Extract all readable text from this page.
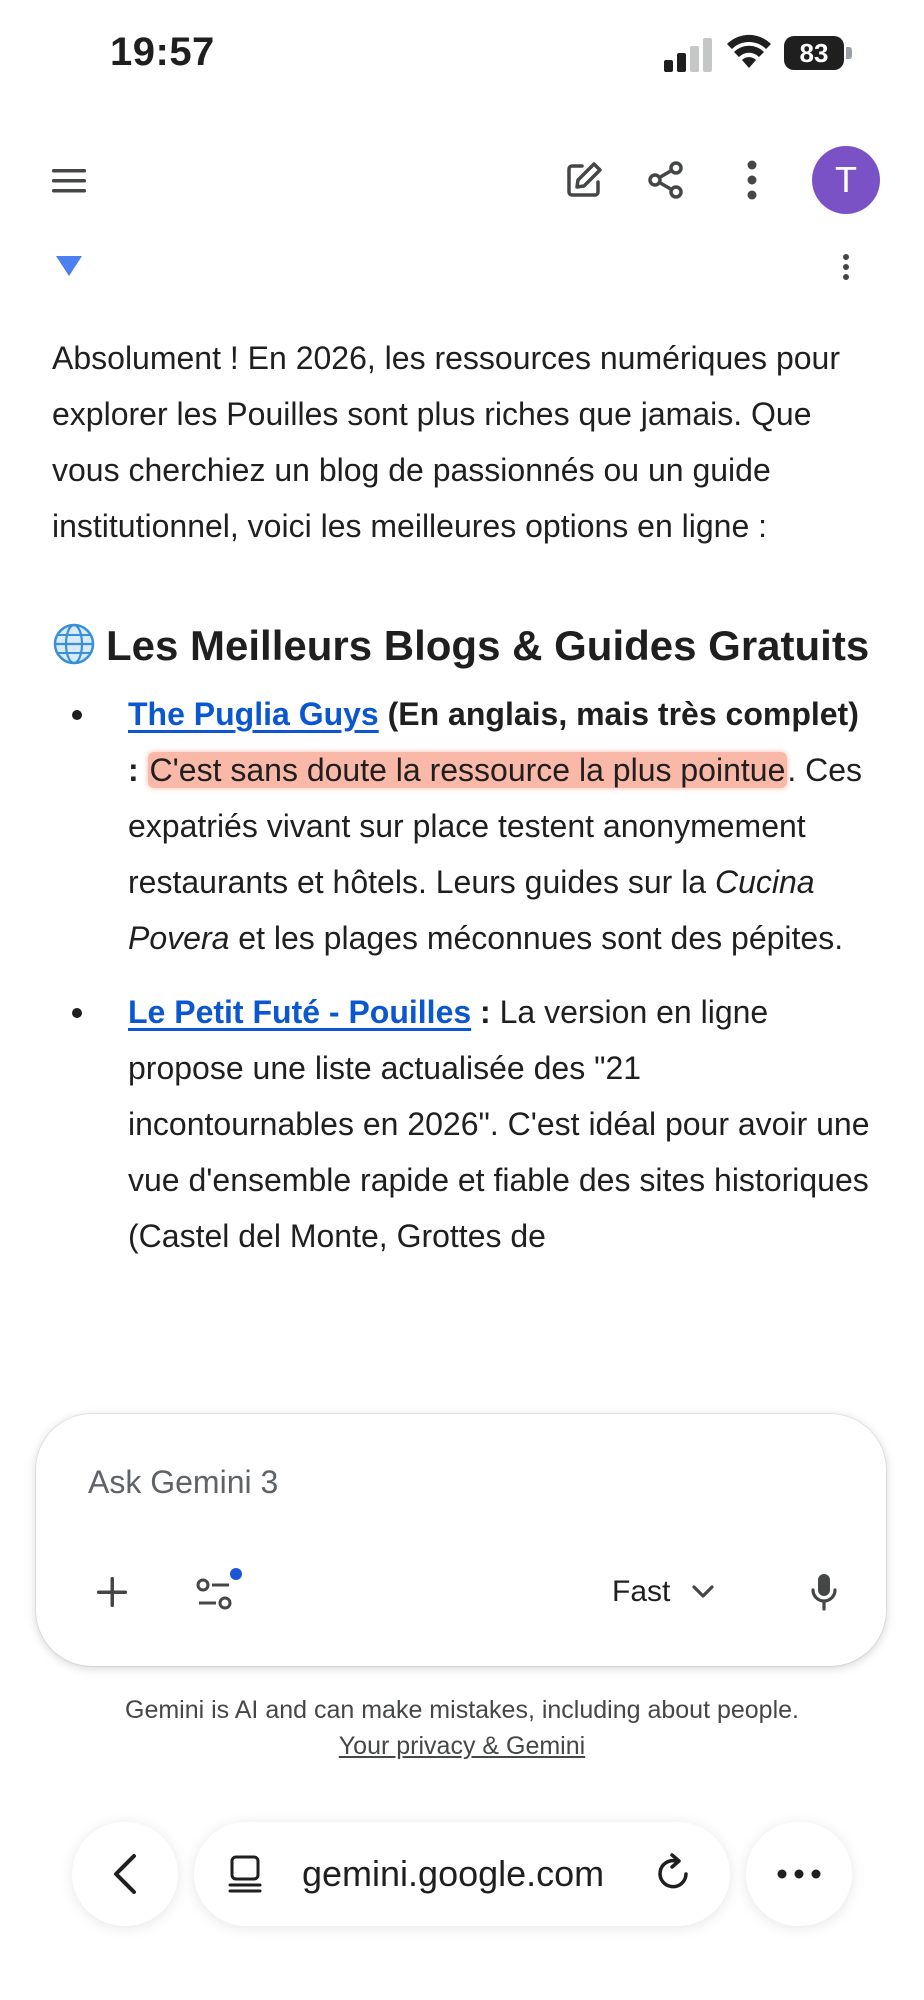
19:57	83
T

Absolument ! En 2026, les ressources numériques pour explorer les Pouilles sont plus riches que jamais. Que vous cherchiez un blog de passionnés ou un guide institutionnel, voici les meilleures options en ligne :

Les Meilleurs Blogs & Guides Gratuits
The Puglia Guys (En anglais, mais très complet) : C'est sans doute la ressource la plus pointue. Ces expatriés vivant sur place testent anonymement restaurants et hôtels. Leurs guides sur la Cucina Povera et les plages méconnues sont des pépites.
Le Petit Futé - Pouilles : La version en ligne propose une liste actualisée des "21 incontournables en 2026". C'est idéal pour avoir une vue d'ensemble rapide et fiable des sites historiques (Castel del Monte, Grottes de
Ask Gemini 3
Fast
Gemini is AI and can make mistakes, including about people.
Your privacy & Gemini
gemini.google.com
